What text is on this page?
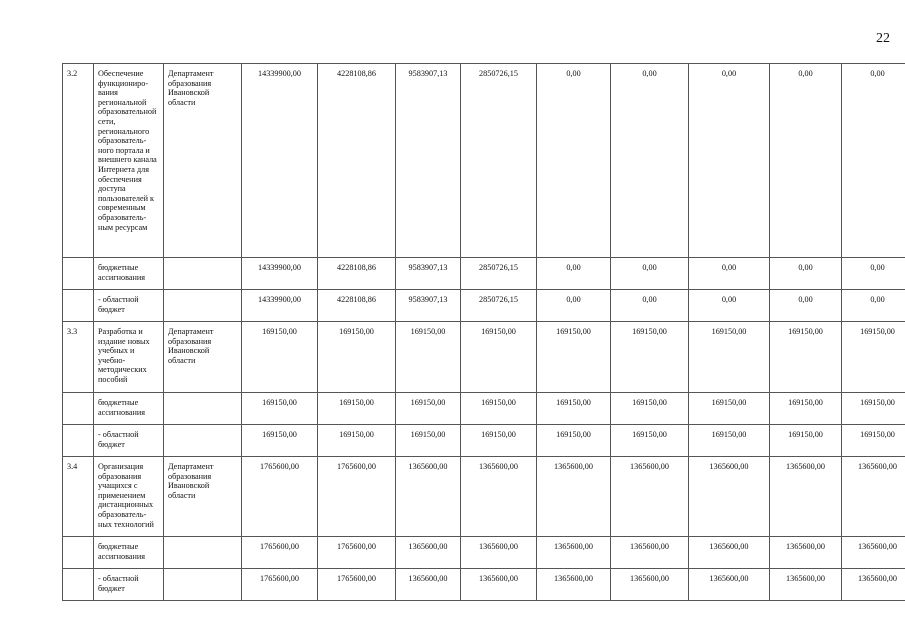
22
3.2	Обеспечение функциониро-вания региональной образовательной сети, регионального образователь-ного портала и внешнего канала Интернета для обеспечения доступа пользователей к современным образователь-ным ресурсам	Департамент образования Ивановской области	14339900,00	4228108,86	9583907,13	2850726,15	0,00	0,00	0,00	0,00	0,00
	бюджетные ассигнования		14339900,00	4228108,86	9583907,13	2850726,15	0,00	0,00	0,00	0,00	0,00
	- областной бюджет		14339900,00	4228108,86	9583907,13	2850726,15	0,00	0,00	0,00	0,00	0,00
3.3	Разработка и издание новых учебных и учебно-методических пособий	Департамент образования Ивановской области	169150,00	169150,00	169150,00	169150,00	169150,00	169150,00	169150,00	169150,00	169150,00
	бюджетные ассигнования		169150,00	169150,00	169150,00	169150,00	169150,00	169150,00	169150,00	169150,00	169150,00
	- областной бюджет		169150,00	169150,00	169150,00	169150,00	169150,00	169150,00	169150,00	169150,00	169150,00
3.4	Организация образования учащихся с применением дистанционных образователь-ных технологий	Департамент образования Ивановской области	1765600,00	1765600,00	1365600,00	1365600,00	1365600,00	1365600,00	1365600,00	1365600,00	1365600,00
	бюджетные ассигнования		1765600,00	1765600,00	1365600,00	1365600,00	1365600,00	1365600,00	1365600,00	1365600,00	1365600,00
	- областной бюджет		1765600,00	1765600,00	1365600,00	1365600,00	1365600,00	1365600,00	1365600,00	1365600,00	1365600,00
